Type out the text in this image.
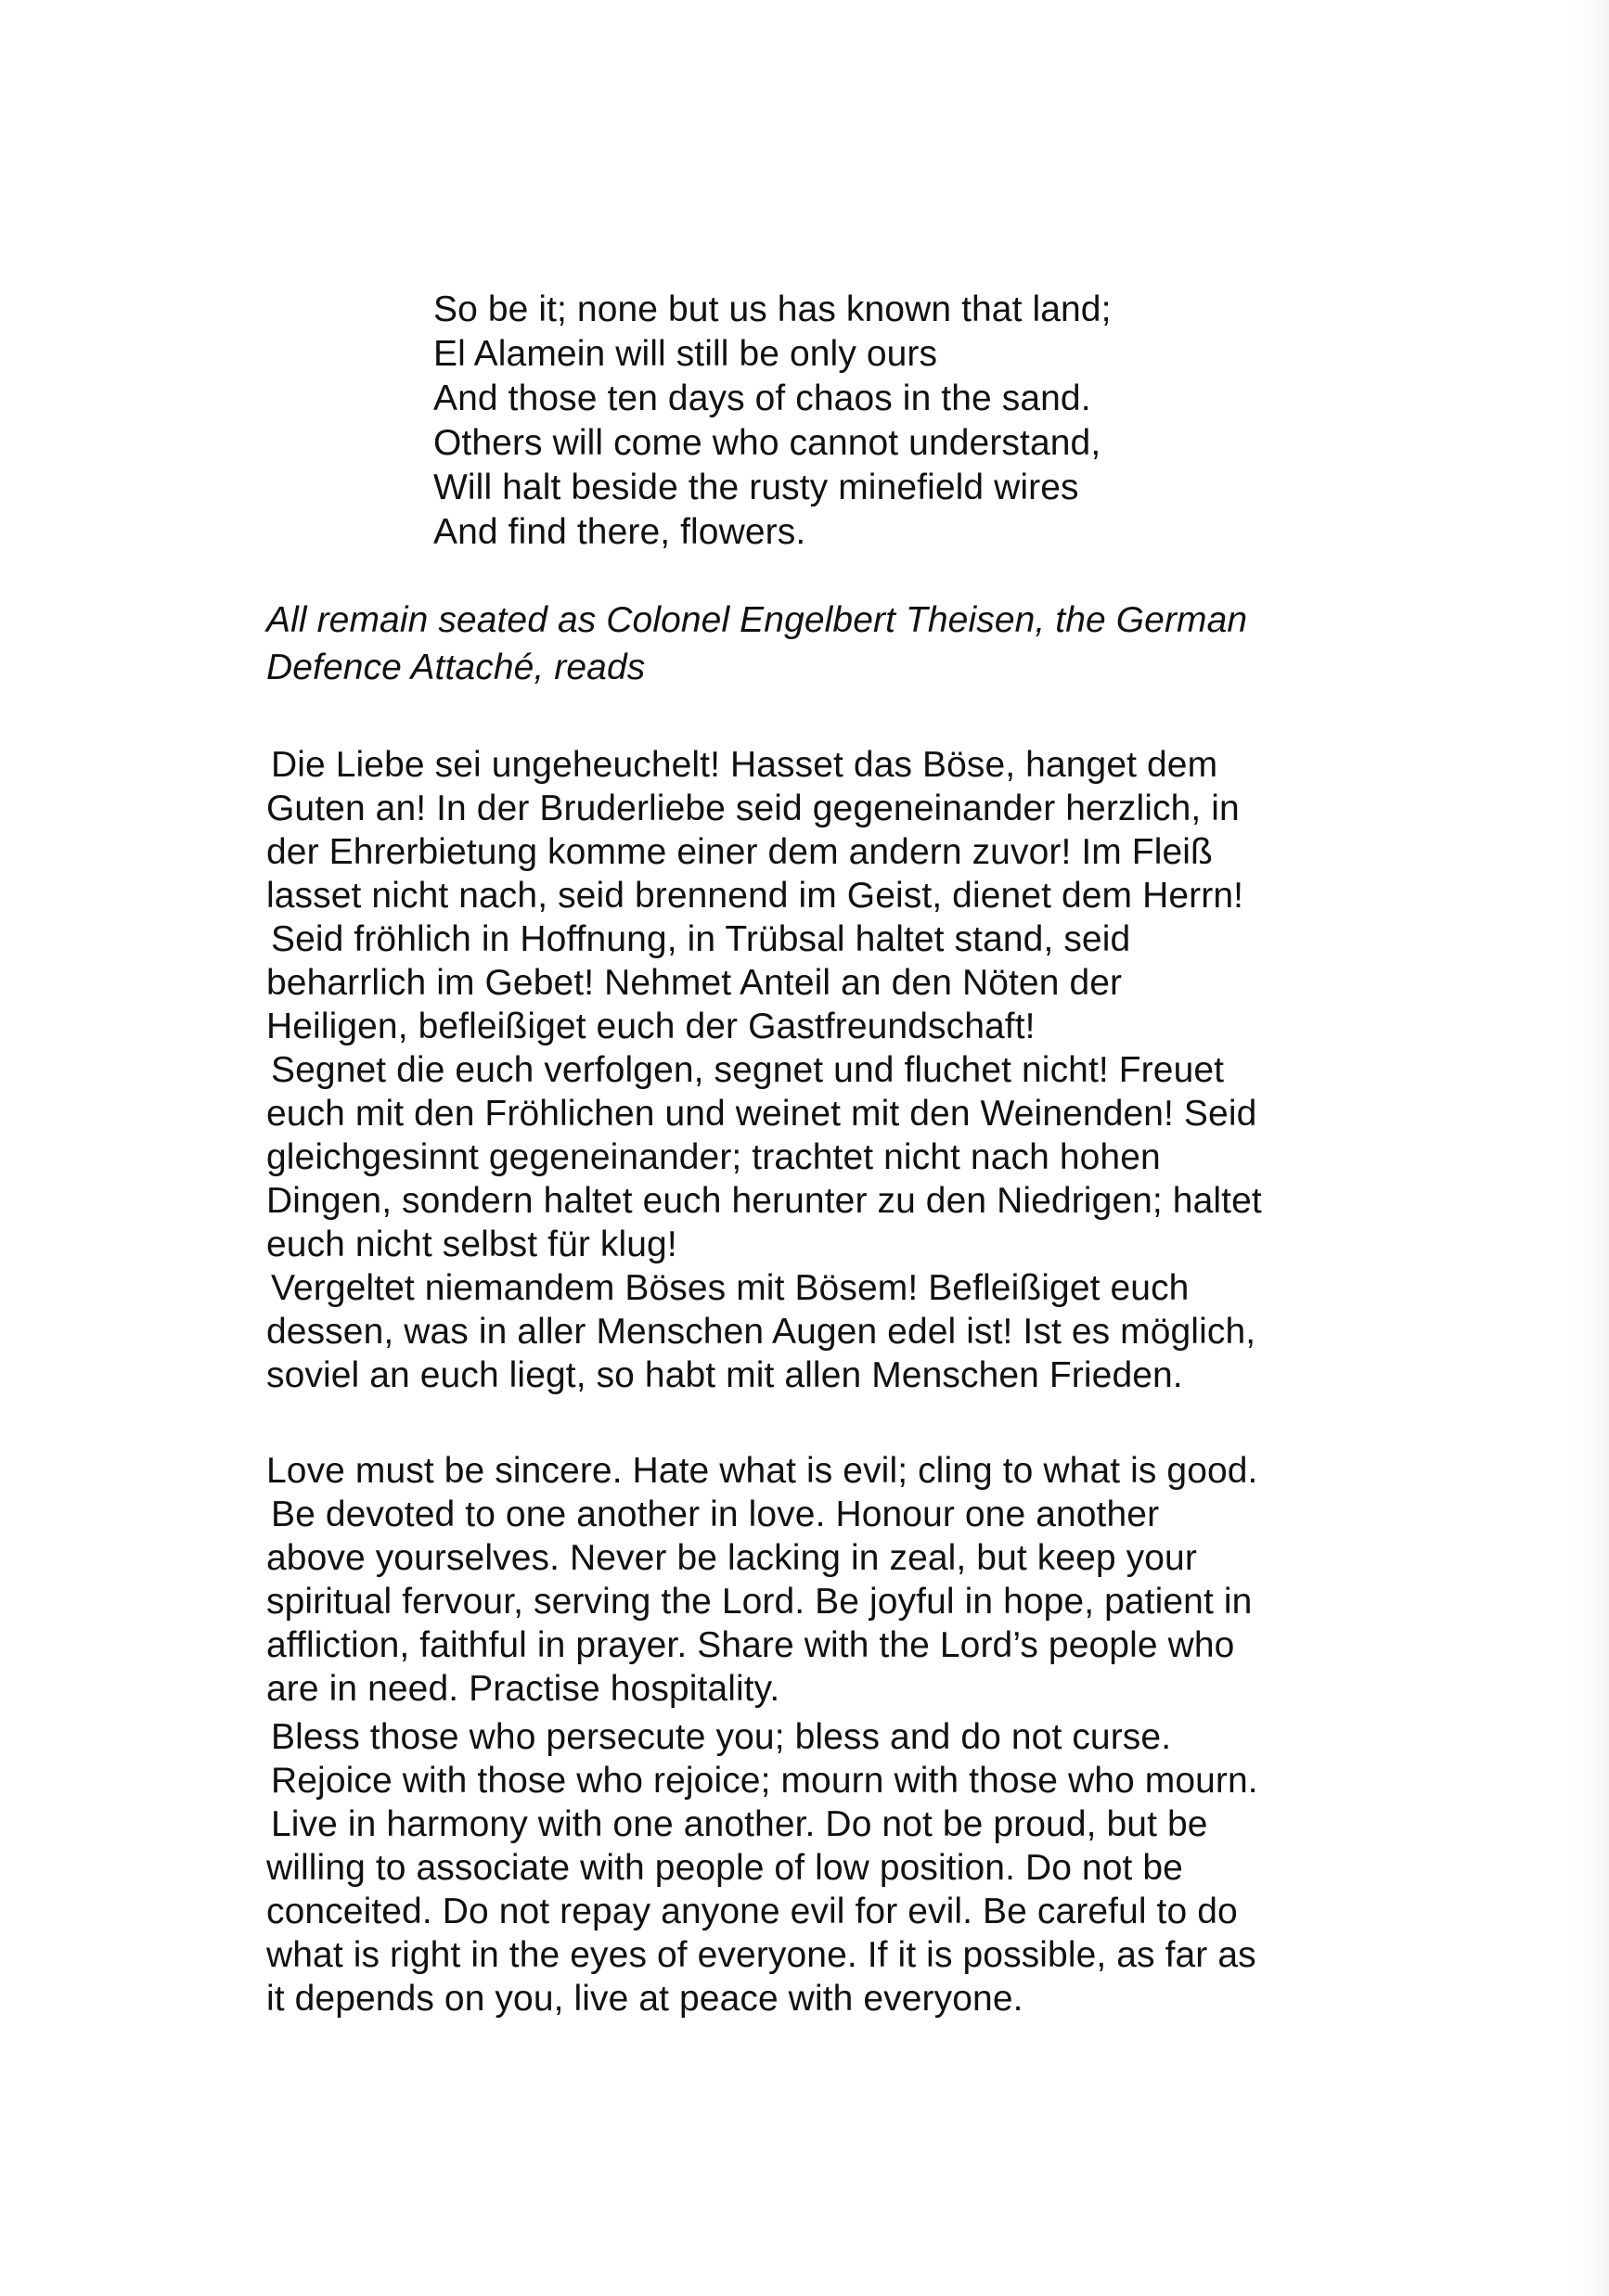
So be it; none but us has known that land;
El Alamein will still be only ours
And those ten days of chaos in the sand.
Others will come who cannot understand,
Will halt beside the rusty minefield wires
And find there, flowers.
All remain seated as Colonel Engelbert Theisen, the German
Defence Attaché, reads
Die Liebe sei ungeheuchelt! Hasset das Böse, hanget dem
Guten an! In der Bruderliebe seid gegeneinander herzlich, in
der Ehrerbietung komme einer dem andern zuvor! Im Fleiß
lasset nicht nach, seid brennend im Geist, dienet dem Herrn!
Seid fröhlich in Hoffnung, in Trübsal haltet stand, seid
beharrlich im Gebet! Nehmet Anteil an den Nöten der
Heiligen, befleißiget euch der Gastfreundschaft!
Segnet die euch verfolgen, segnet und fluchet nicht! Freuet
euch mit den Fröhlichen und weinet mit den Weinenden! Seid
gleichgesinnt gegeneinander; trachtet nicht nach hohen
Dingen, sondern haltet euch herunter zu den Niedrigen; haltet
euch nicht selbst für klug!
Vergeltet niemandem Böses mit Bösem! Befleißiget euch
dessen, was in aller Menschen Augen edel ist! Ist es möglich,
soviel an euch liegt, so habt mit allen Menschen Frieden.
Love must be sincere. Hate what is evil; cling to what is good.
Be devoted to one another in love. Honour one another
above yourselves. Never be lacking in zeal, but keep your
spiritual fervour, serving the Lord. Be joyful in hope, patient in
affliction, faithful in prayer. Share with the Lord’s people who
are in need. Practise hospitality.
Bless those who persecute you; bless and do not curse.
Rejoice with those who rejoice; mourn with those who mourn.
Live in harmony with one another. Do not be proud, but be
willing to associate with people of low position. Do not be
conceited. Do not repay anyone evil for evil. Be careful to do
what is right in the eyes of everyone. If it is possible, as far as
it depends on you, live at peace with everyone.
